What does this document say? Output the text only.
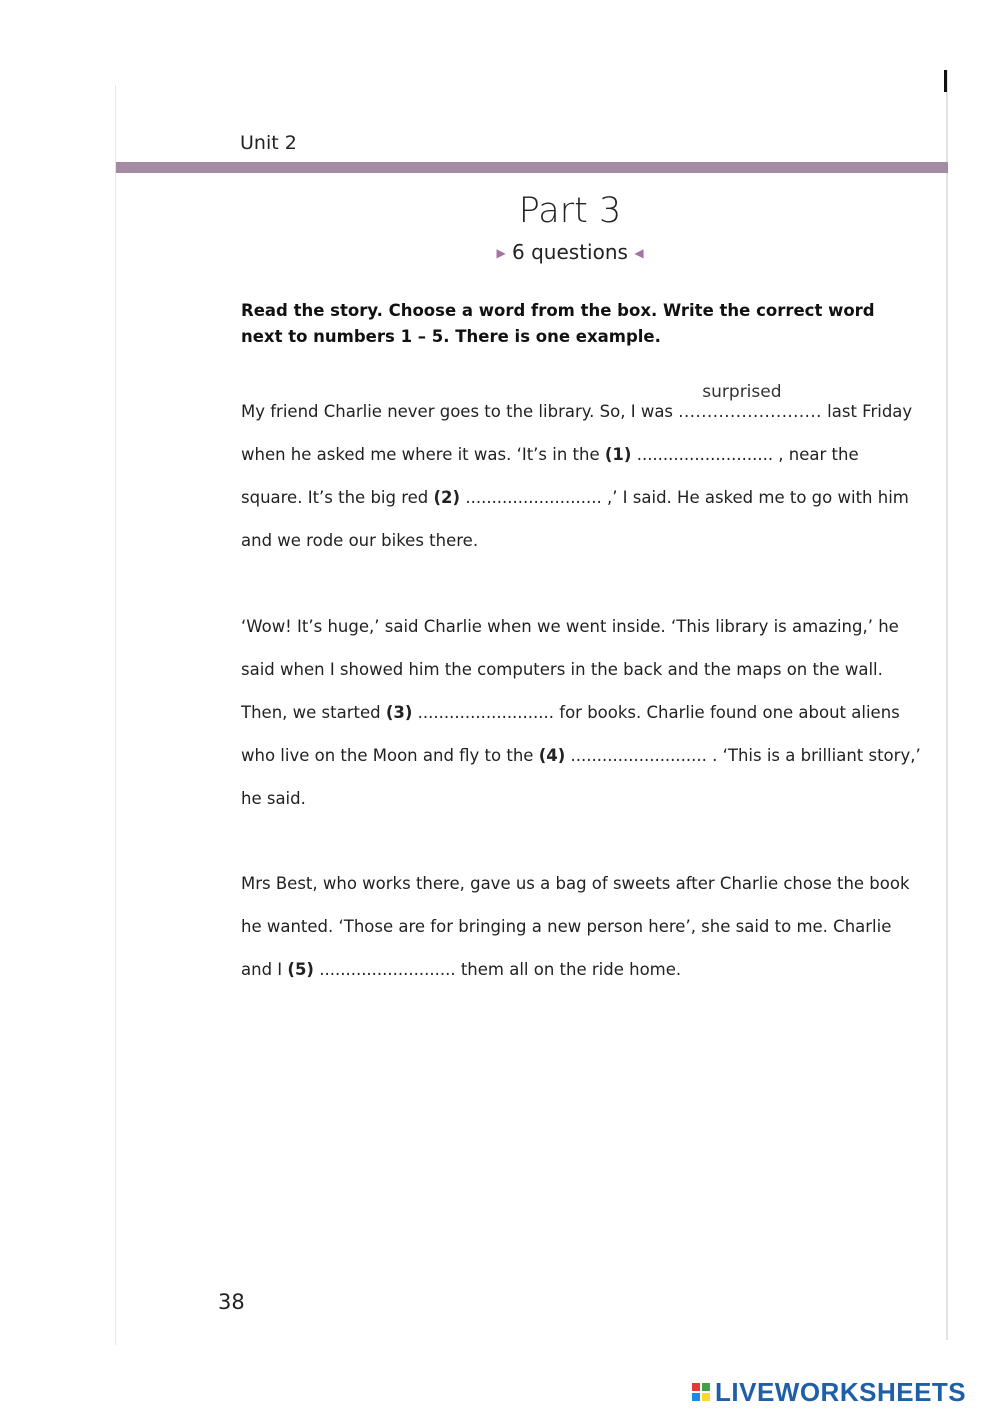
Unit 2
Part 3
▶ 6 questions ◀
Read the story. Choose a word from the box. Write the correct word next to numbers 1 – 5. There is one example.
My friend Charlie never goes to the library. So, I was
surprised
......................... last Friday when he asked me where it was. ‘It’s in the (1) .......................... , near the square. It’s the big red (2) .......................... ,’ I said. He asked me to go with him and we rode our bikes there.
‘Wow! It’s huge,’ said Charlie when we went inside. ‘This library is amazing,’ he said when I showed him the computers in the back and the maps on the wall. Then, we started (3) .......................... for books. Charlie found one about aliens who live on the Moon and fly to the (4) .......................... . ‘This is a brilliant story,’ he said.
Mrs Best, who works there, gave us a bag of sweets after Charlie chose the book he wanted. ‘Those are for bringing a new person here’, she said to me. Charlie and I (5) .......................... them all on the ride home.
38
LIVEWORKSHEETS
